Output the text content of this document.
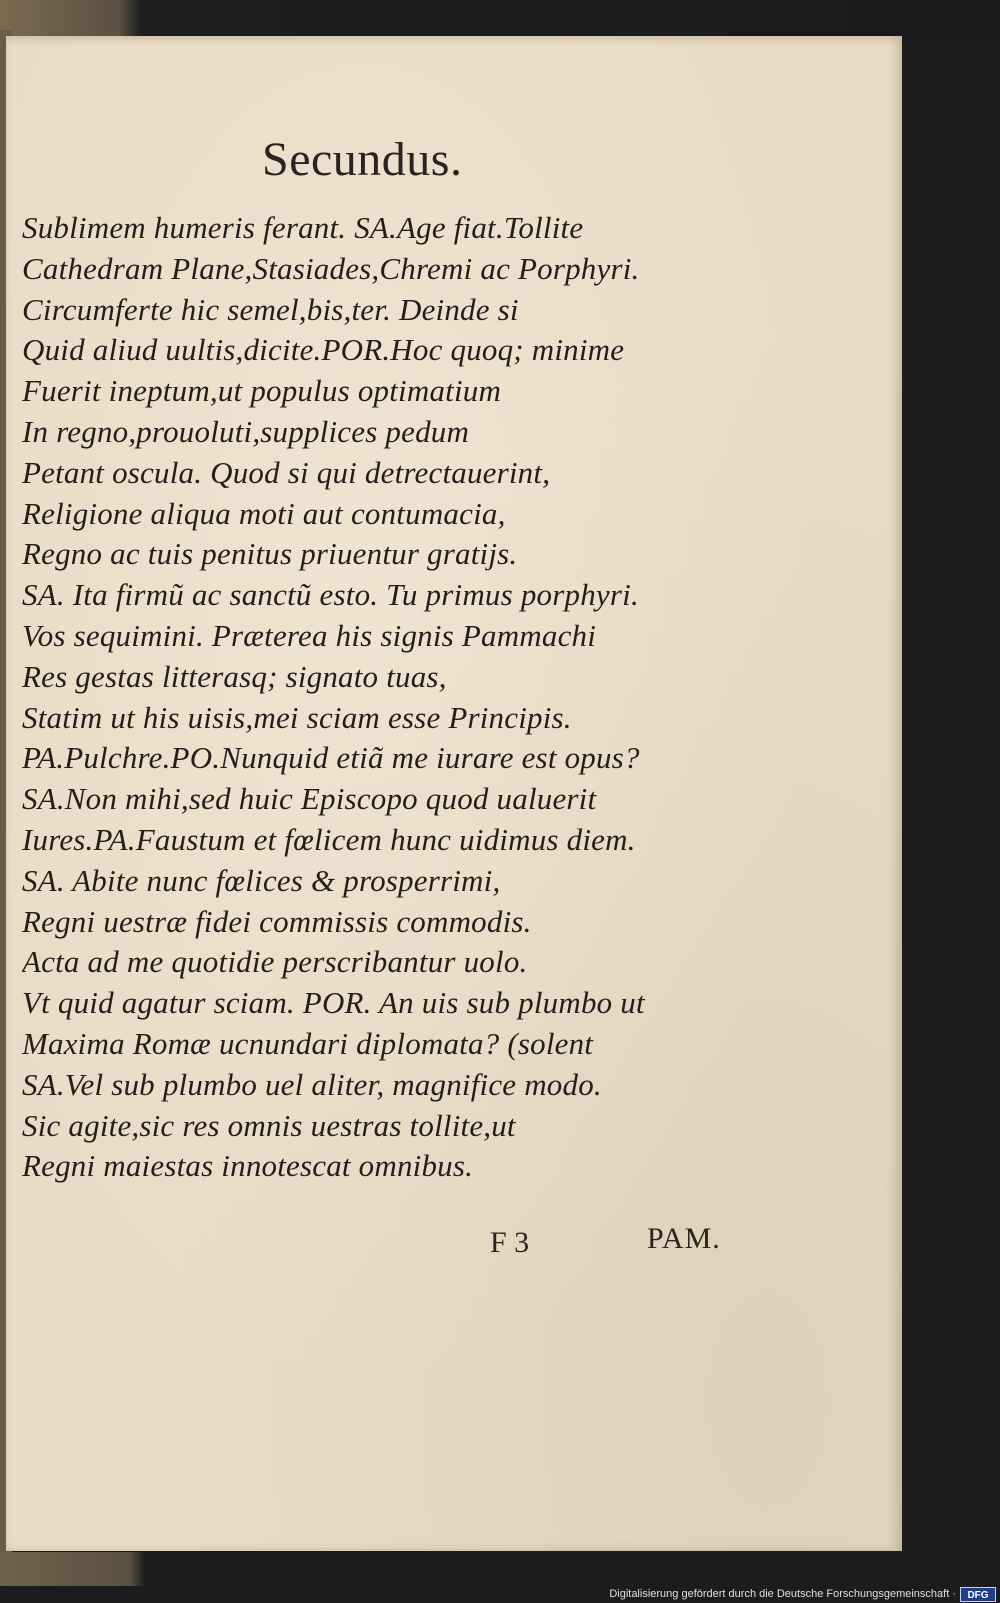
Secundus.
Sublimem humeris ferant. SA.Age fiat.Tollite
Cathedram Plane,Stasiades,Chremi ac Porphyri.
Circumferte hic semel,bis,ter. Deinde si
Quid aliud uultis,dicite.POR.Hoc quoq; minime
Fuerit ineptum,ut populus optimatium
In regno,prouoluti,supplices pedum
Petant oscula. Quod si qui detrectauerint,
Religione aliqua moti aut contumacia,
Regno ac tuis penitus priuentur gratijs.
SA. Ita firmũ ac sanctũ esto. Tu primus porphyri.
Vos sequimini. Præterea his signis Pammachi
Res gestas litterasq; signato tuas,
Statim ut his uisis,mei sciam esse Principis.
PA.Pulchre.PO.Nunquid etiã me iurare est opus?
SA.Non mihi,sed huic Episcopo quod ualuerit
Iures.PA.Faustum et fœlicem hunc uidimus diem.
SA. Abite nunc fœlices & prosperrimi,
Regni uestræ fidei commissis commodis.
Acta ad me quotidie perscribantur uolo.
Vt quid agatur sciam. POR. An uis sub plumbo ut
Maxima Romæ ucnundari diplomata? (solent
SA.Vel sub plumbo uel aliter, magnifice modo.
Sic agite,sic res omnis uestras tollite,ut
Regni maiestas innotescat omnibus.
F 3	PAM.
Digitalisierung gefördert durch die Deutsche Forschungsgemeinschaft ·	DFG
